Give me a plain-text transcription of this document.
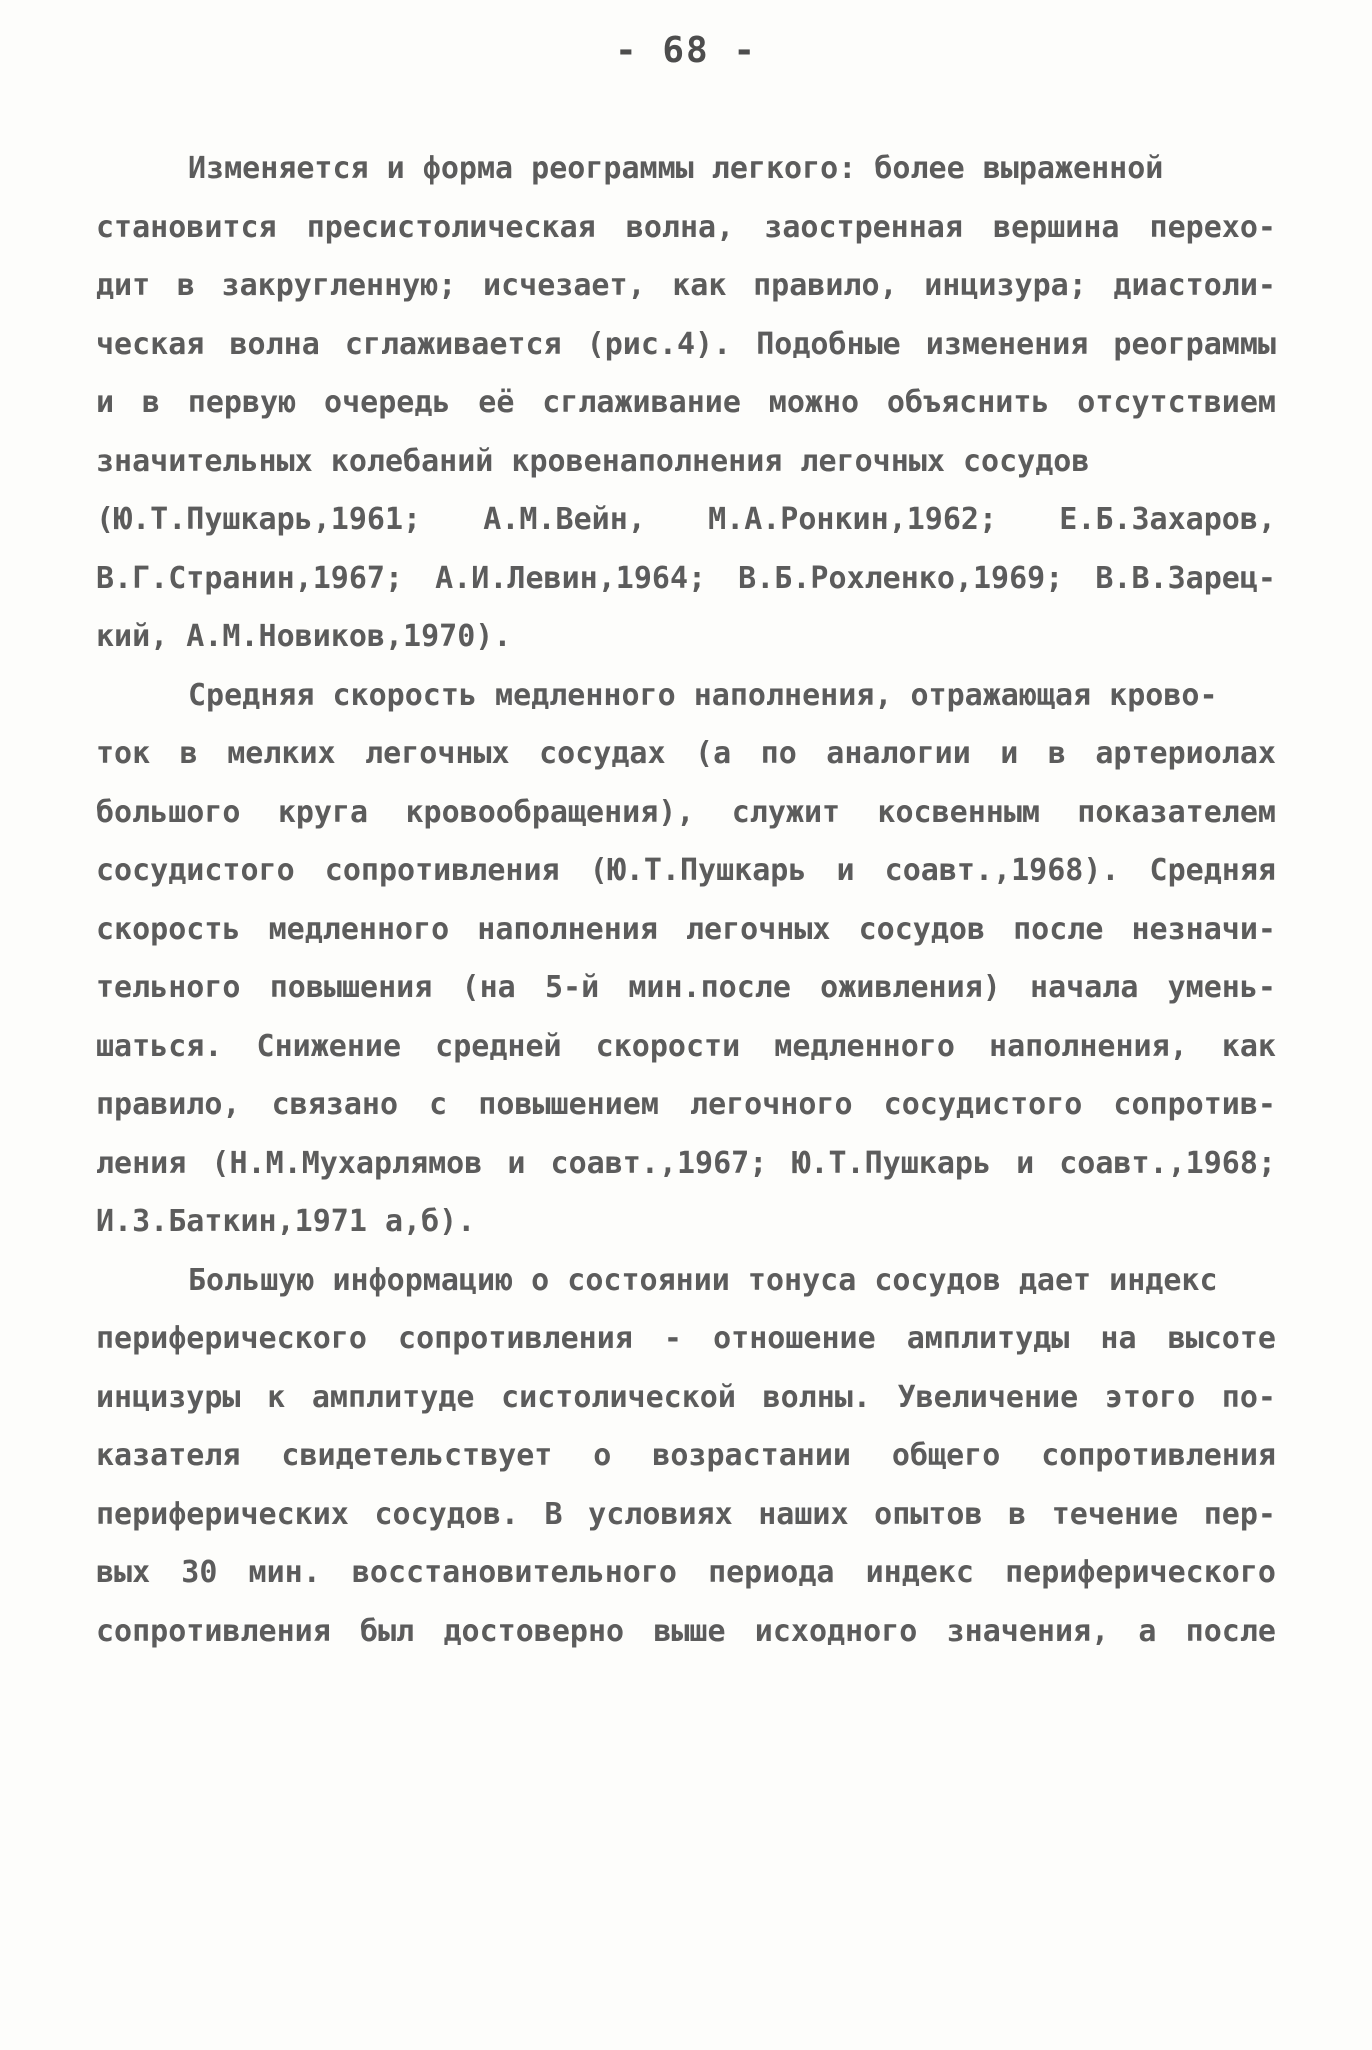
- 68 -
Изменяется и форма реограммы легкого: более выраженной
становится пресистолическая волна, заостренная вершина перехо-
дит в закругленную; исчезает, как правило, инцизура; диастоли-
ческая волна сглаживается (рис.4). Подобные изменения реограммы
и в первую очередь её сглаживание можно объяснить отсутствием
значительных колебаний кровенаполнения легочных сосудов
(Ю.Т.Пушкарь,1961; А.М.Вейн, М.А.Ронкин,1962; Е.Б.Захаров,
В.Г.Странин,1967; А.И.Левин,1964; В.Б.Рохленко,1969; В.В.Зарец-
кий, А.М.Новиков,1970).
Средняя скорость медленного наполнения, отражающая крово-
ток в мелких легочных сосудах (а по аналогии и в артериолах
большого круга кровообращения), служит косвенным показателем
сосудистого сопротивления (Ю.Т.Пушкарь и соавт.,1968). Средняя
скорость медленного наполнения легочных сосудов после незначи-
тельного повышения (на 5-й мин.после оживления) начала умень-
шаться. Снижение средней скорости медленного наполнения, как
правило, связано с повышением легочного сосудистого сопротив-
ления (Н.М.Мухарлямов и соавт.,1967; Ю.Т.Пушкарь и соавт.,1968;
И.З.Баткин,1971 а,б).
Большую информацию о состоянии тонуса сосудов дает индекс
периферического сопротивления - отношение амплитуды на высоте
инцизуры к амплитуде систолической волны. Увеличение этого по-
казателя свидетельствует о возрастании общего сопротивления
периферических сосудов. В условиях наших опытов в течение пер-
вых 30 мин. восстановительного периода индекс периферического
сопротивления был достоверно выше исходного значения, а после
